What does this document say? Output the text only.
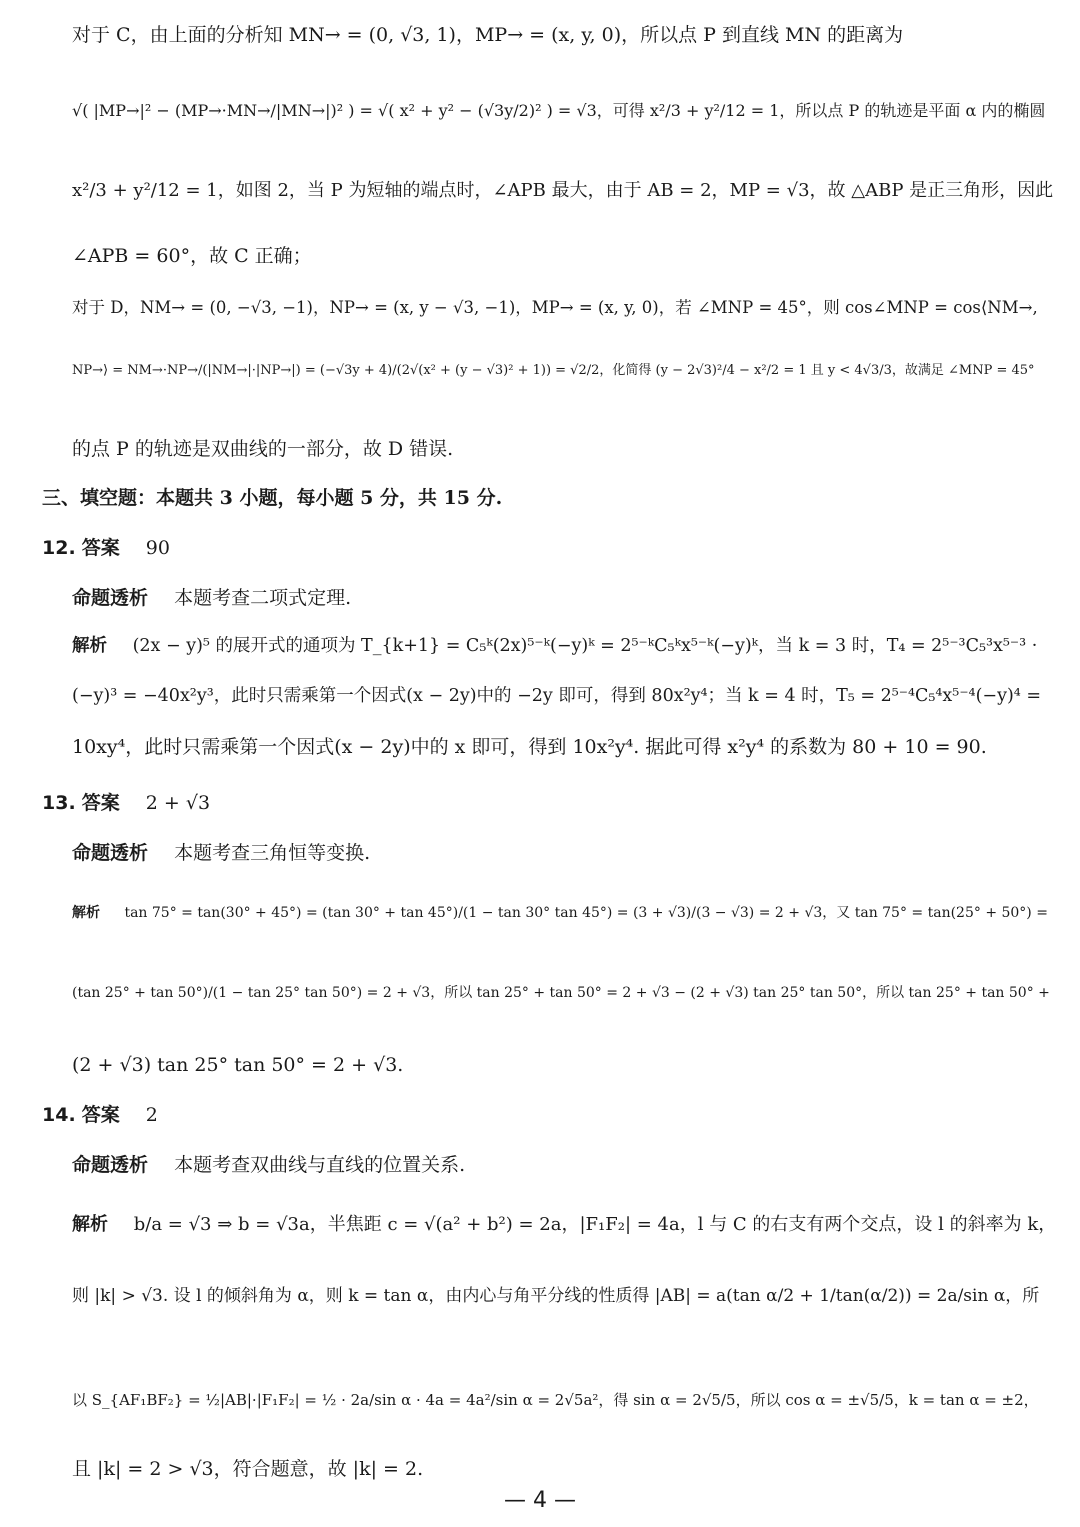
对于 C，由上面的分析知 MN→ = (0, √3, 1)，MP→ = (x, y, 0)，所以点 P 到直线 MN 的距离为
√( |MP→|² − (MP→·MN→/|MN→|)² ) = √( x² + y² − (√3y/2)² ) = √3，可得 x²/3 + y²/12 = 1，所以点 P 的轨迹是平面 α 内的椭圆
x²/3 + y²/12 = 1，如图 2，当 P 为短轴的端点时，∠APB 最大，由于 AB = 2，MP = √3，故 △ABP 是正三角形，因此
∠APB = 60°，故 C 正确；
对于 D，NM→ = (0, −√3, −1)，NP→ = (x, y − √3, −1)，MP→ = (x, y, 0)，若 ∠MNP = 45°，则 cos∠MNP = cos⟨NM→,
NP→⟩ = NM→·NP→/(|NM→|·|NP→|) = (−√3y + 4)/(2√(x² + (y − √3)² + 1)) = √2/2，化简得 (y − 2√3)²/4 − x²/2 = 1 且 y < 4√3/3，故满足 ∠MNP = 45°
的点 P 的轨迹是双曲线的一部分，故 D 错误.
三、填空题：本题共 3 小题，每小题 5 分，共 15 分.
12. 答案 90
命题透析 本题考查二项式定理.
解析 (2x − y)⁵ 的展开式的通项为 T_{k+1} = C₅ᵏ(2x)⁵⁻ᵏ(−y)ᵏ = 2⁵⁻ᵏC₅ᵏx⁵⁻ᵏ(−y)ᵏ，当 k = 3 时，T₄ = 2⁵⁻³C₅³x⁵⁻³ ·
(−y)³ = −40x²y³，此时只需乘第一个因式(x − 2y)中的 −2y 即可，得到 80x²y⁴；当 k = 4 时，T₅ = 2⁵⁻⁴C₅⁴x⁵⁻⁴(−y)⁴ =
10xy⁴，此时只需乘第一个因式(x − 2y)中的 x 即可，得到 10x²y⁴. 据此可得 x²y⁴ 的系数为 80 + 10 = 90.
13. 答案 2 + √3
命题透析 本题考查三角恒等变换.
解析 tan 75° = tan(30° + 45°) = (tan 30° + tan 45°)/(1 − tan 30° tan 45°) = (3 + √3)/(3 − √3) = 2 + √3，又 tan 75° = tan(25° + 50°) =
(tan 25° + tan 50°)/(1 − tan 25° tan 50°) = 2 + √3，所以 tan 25° + tan 50° = 2 + √3 − (2 + √3) tan 25° tan 50°，所以 tan 25° + tan 50° +
(2 + √3) tan 25° tan 50° = 2 + √3.
14. 答案 2
命题透析 本题考查双曲线与直线的位置关系.
解析 b/a = √3 ⇒ b = √3a，半焦距 c = √(a² + b²) = 2a，|F₁F₂| = 4a，l 与 C 的右支有两个交点，设 l 的斜率为 k，
则 |k| > √3. 设 l 的倾斜角为 α，则 k = tan α，由内心与角平分线的性质得 |AB| = a(tan α/2 + 1/tan(α/2)) = 2a/sin α，所
以 S_{AF₁BF₂} = ½|AB|·|F₁F₂| = ½ · 2a/sin α · 4a = 4a²/sin α = 2√5a²，得 sin α = 2√5/5，所以 cos α = ±√5/5，k = tan α = ±2，
且 |k| = 2 > √3，符合题意，故 |k| = 2.
— 4 —
